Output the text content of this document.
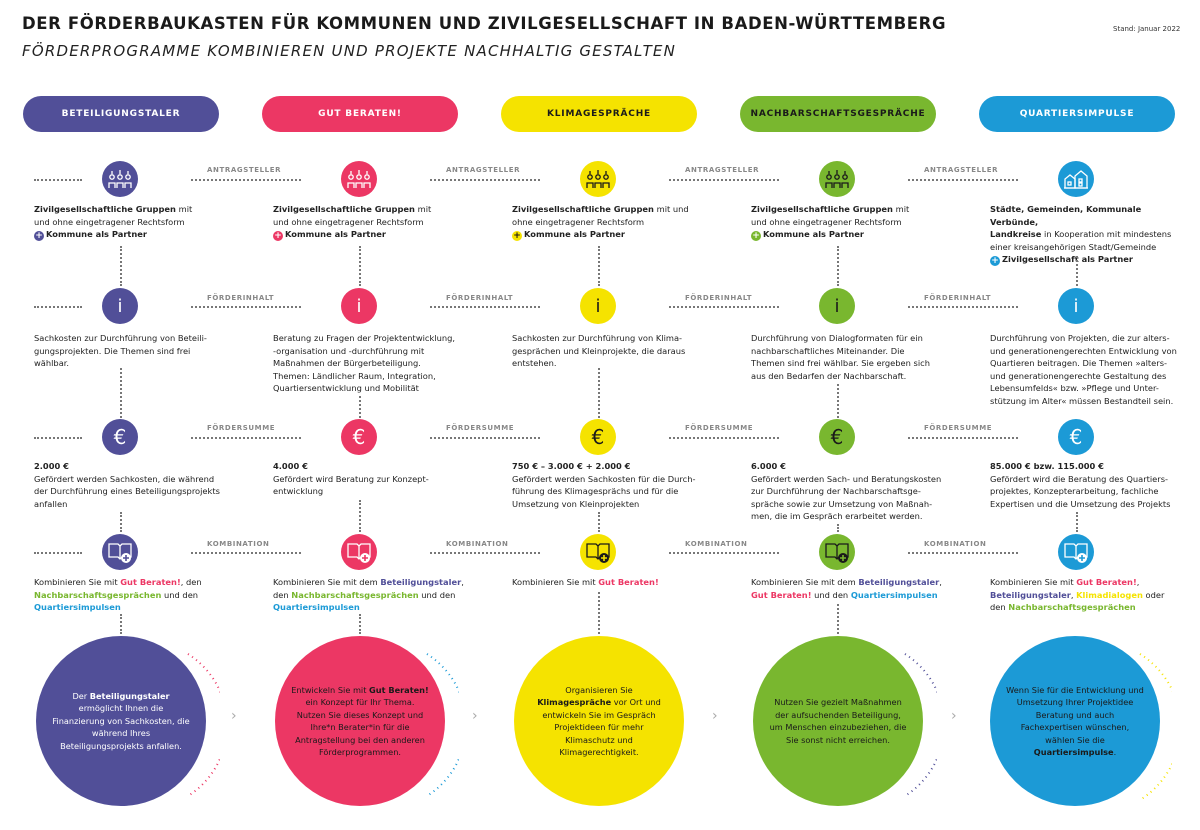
DER FÖRDERBAUKASTEN FÜR KOMMUNEN UND ZIVILGESELLSCHAFT IN BADEN-WÜRTTEMBERG
FÖRDERPROGRAMME KOMBINIEREN UND PROJEKTE NACHHALTIG GESTALTEN
Stand: Januar 2022
BETEILIGUNGSTALER
Zivilgesellschaftliche Gruppen mit
und ohne eingetragener Rechtsform
+ Kommune als Partner
i
Sachkosten zur Durchführung von Beteili-
gungsprojekten. Die Themen sind frei
wählbar.
€
2.000 €
Gefördert werden Sachkosten, die während
der Durchführung eines Beteiligungsprojekts
anfallen
Kombinieren Sie mit Gut Beraten!, den
Nachbarschaftsgesprächen und den
Quartiersimpulsen
Der Beteiligungstaler ermöglicht Ihnen die Finanzierung von Sachkosten, die während Ihres Beteiligungsprojekts anfallen.
GUT BERATEN!
ANTRAGSTELLER
Zivilgesellschaftliche Gruppen mit
und ohne eingetragener Rechtsform
+ Kommune als Partner
FÖRDERINHALT	i
Beratung zu Fragen der Projektentwicklung,
-organisation und -durchführung mit
Maßnahmen der Bürgerbeteiligung.
Themen: Ländlicher Raum, Integration,
Quartiersentwicklung und Mobilität
FÖRDERSUMME	€
4.000 €
Gefördert wird Beratung zur Konzept-
entwicklung
KOMBINATION
Kombinieren Sie mit dem Beteiligungstaler,
den Nachbarschaftsgesprächen und den
Quartiersimpulsen
Entwickeln Sie mit Gut Beraten! ein Konzept für Ihr Thema. Nutzen Sie dieses Konzept und Ihre*n Berater*in für die Antragstellung bei den anderen Förderprogrammen.
KLIMAGESPRÄCHE
ANTRAGSTELLER
Zivilgesellschaftliche Gruppen mit und
ohne eingetragener Rechtsform
+ Kommune als Partner
FÖRDERINHALT	i
Sachkosten zur Durchführung von Klima-
gesprächen und Kleinprojekte, die daraus
entstehen.
FÖRDERSUMME	€
750 € – 3.000 € + 2.000 €
Gefördert werden Sachkosten für die Durch-
führung des Klimagesprächs und für die
Umsetzung von Kleinprojekten
KOMBINATION
Kombinieren Sie mit Gut Beraten!
Organisieren Sie Klimagespräche vor Ort und entwickeln Sie im Gespräch Projektideen für mehr Klimaschutz und Klimagerechtigkeit.
NACHBARSCHAFTSGESPRÄCHE
ANTRAGSTELLER
Zivilgesellschaftliche Gruppen mit
und ohne eingetragener Rechtsform
+ Kommune als Partner
FÖRDERINHALT	i
Durchführung von Dialogformaten für ein
nachbarschaftliches Miteinander. Die
Themen sind frei wählbar. Sie ergeben sich
aus den Bedarfen der Nachbarschaft.
FÖRDERSUMME	€
6.000 €
Gefördert werden Sach- und Beratungskosten
zur Durchführung der Nachbarschaftsge-
spräche sowie zur Umsetzung von Maßnah-
men, die im Gespräch erarbeitet werden.
KOMBINATION
Kombinieren Sie mit dem Beteiligungstaler,
Gut Beraten! und den Quartiersimpulsen
Nutzen Sie gezielt Maßnahmen der aufsuchenden Beteiligung, um Menschen einzubeziehen, die Sie sonst nicht erreichen.
QUARTIERSIMPULSE
ANTRAGSTELLER
Städte, Gemeinden, Kommunale Verbünde,
Landkreise in Kooperation mit mindestens
einer kreisangehörigen Stadt/Gemeinde
+ Zivilgesellschaft als Partner
FÖRDERINHALT	i
Durchführung von Projekten, die zur alters-
und generationengerechten Entwicklung von
Quartieren beitragen. Die Themen »alters-
und generationengerechte Gestaltung des
Lebensumfelds« bzw. »Pflege und Unter-
stützung im Alter« müssen Bestandteil sein.
FÖRDERSUMME	€
85.000 € bzw. 115.000 €
Gefördert wird die Beratung des Quartiers-
projektes, Konzepterarbeitung, fachliche
Expertisen und die Umsetzung des Projekts
KOMBINATION
Kombinieren Sie mit Gut Beraten!,
Beteiligungstaler, Klimadialogen oder
den Nachbarschaftsgesprächen
Wenn Sie für die Entwicklung und Umsetzung Ihrer Projektidee Beratung und auch Fachexpertisen wünschen, wählen Sie die Quartiersimpulse.
›	›	›	›
